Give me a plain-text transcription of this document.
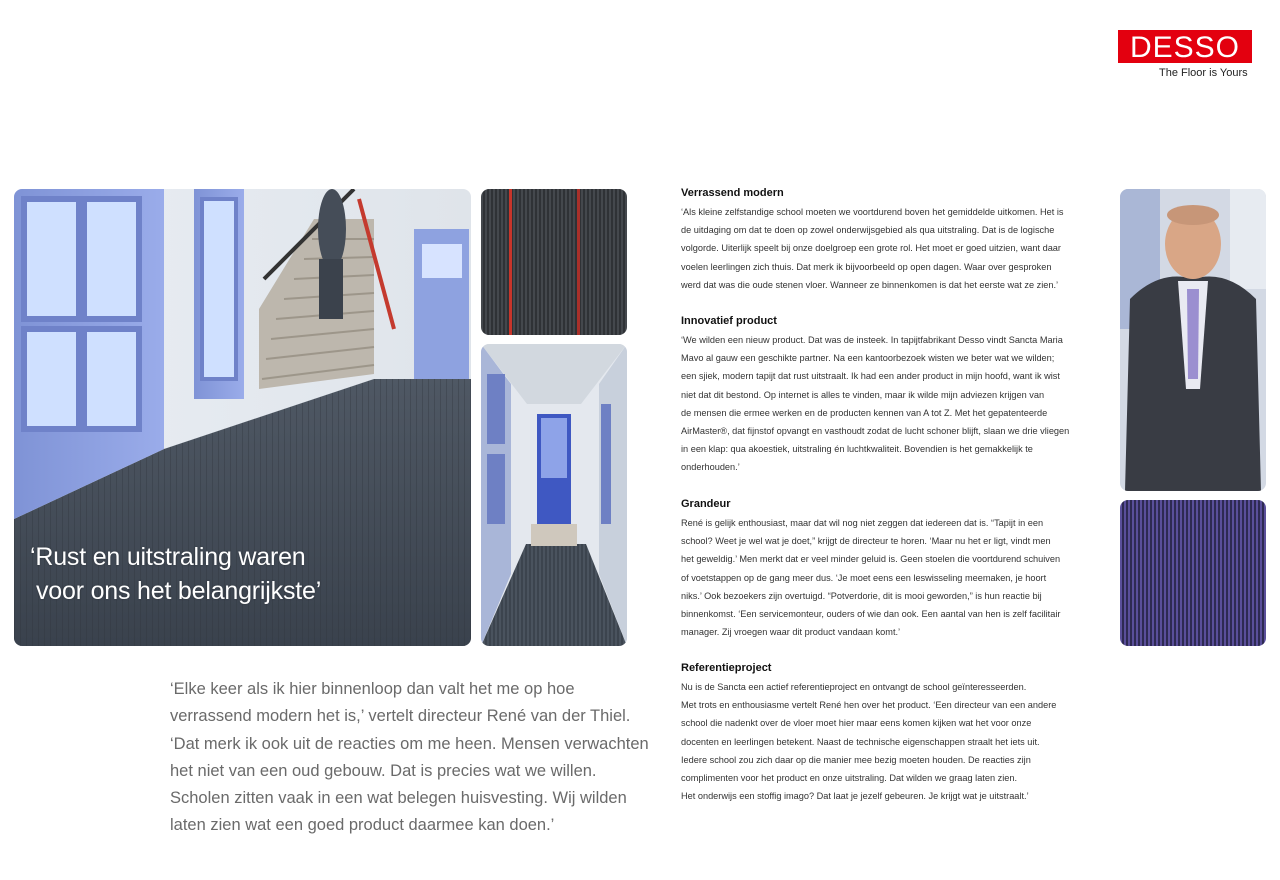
DESSO
The Floor is Yours
‘Rust en uitstraling waren
voor ons het belangrijkste’
‘Elke keer als ik hier binnenloop dan valt het me op hoe
verrassend modern het is,’ vertelt directeur René van der Thiel.
‘Dat merk ik ook uit de reacties om me heen. Mensen verwachten
het niet van een oud gebouw. Dat is precies wat we willen.
Scholen zitten vaak in een wat belegen huisvesting. Wij wilden
laten zien wat een goed product daarmee kan doen.’
Verrassend modern

‘Als kleine zelfstandige school moeten we voortdurend boven het gemiddelde uitkomen. Het is
de uitdaging om dat te doen op zowel onderwijsgebied als qua uitstraling. Dat is de logische
volgorde. Uiterlijk speelt bij onze doelgroep een grote rol. Het moet er goed uitzien, want daar
voelen leerlingen zich thuis. Dat merk ik bijvoorbeeld op open dagen. Waar over gesproken
werd dat was die oude stenen vloer. Wanneer ze binnenkomen is dat het eerste wat ze zien.’

Innovatief product

‘We wilden een nieuw product. Dat was de insteek. In tapijtfabrikant Desso vindt Sancta Maria
Mavo al gauw een geschikte partner. Na een kantoorbezoek wisten we beter wat we wilden;
een sjiek, modern tapijt dat rust uitstraalt. Ik had een ander product in mijn hoofd, want ik wist
niet dat dit bestond. Op internet is alles te vinden, maar ik wilde mijn adviezen krijgen van
de mensen die ermee werken en de producten kennen van A tot Z. Met het gepatenteerde
AirMaster®, dat fijnstof opvangt en vasthoudt zodat de lucht schoner blijft, slaan we drie vliegen
in een klap: qua akoestiek, uitstraling én luchtkwaliteit. Bovendien is het gemakkelijk te
onderhouden.’

Grandeur

René is gelijk enthousiast, maar dat wil nog niet zeggen dat iedereen dat is. “Tapijt in een
school? Weet je wel wat je doet,” krijgt de directeur te horen. ‘Maar nu het er ligt, vindt men
het geweldig.’ Men merkt dat er veel minder geluid is. Geen stoelen die voortdurend schuiven
of voetstappen op de gang meer dus. ‘Je moet eens een leswisseling meemaken, je hoort
niks.’ Ook bezoekers zijn overtuigd. “Potverdorie, dit is mooi geworden,” is hun reactie bij
binnenkomst. ‘Een servicemonteur, ouders of wie dan ook. Een aantal van hen is zelf facilitair
manager. Zij vroegen waar dit product vandaan komt.’

Referentieproject

Nu is de Sancta een actief referentieproject en ontvangt de school geïnteresseerden.
Met trots en enthousiasme vertelt René hen over het product. ‘Een directeur van een andere
school die nadenkt over de vloer moet hier maar eens komen kijken wat het voor onze
docenten en leerlingen betekent. Naast de technische eigenschappen straalt het iets uit.
Iedere school zou zich daar op die manier mee bezig moeten houden. De reacties zijn
complimenten voor het product en onze uitstraling. Dat wilden we graag laten zien.
Het onderwijs een stoffig imago? Dat laat je jezelf gebeuren. Je krijgt wat je uitstraalt.’
